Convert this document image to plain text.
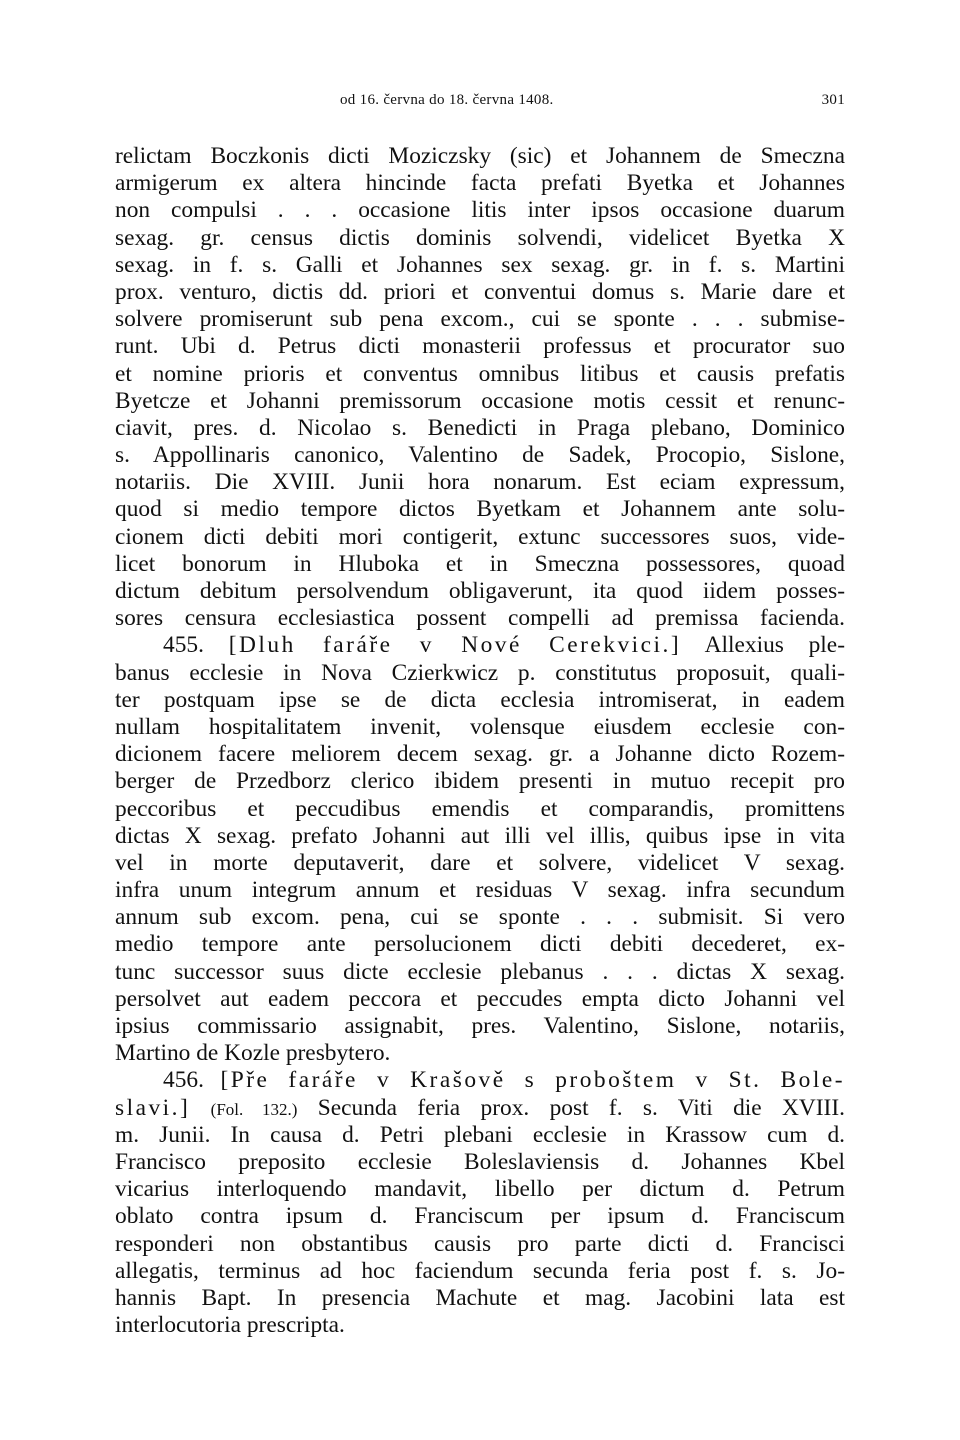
od 16. června do 18. června 1408.	301
relictam Boczkonis dicti Moziczsky (sic) et Johannem de Smeczna
armigerum ex altera hincinde facta prefati Byetka et Johannes
non compulsi . . . occasione litis inter ipsos occasione duarum
sexag. gr. census dictis dominis solvendi, videlicet Byetka X
sexag. in f. s. Galli et Johannes sex sexag. gr. in f. s. Martini
prox. venturo, dictis dd. priori et conventui domus s. Marie dare et
solvere promiserunt sub pena excom., cui se sponte . . . submise-
runt. Ubi d. Petrus dicti monasterii professus et procurator suo
et nomine prioris et conventus omnibus litibus et causis prefatis
Byetcze et Johanni premissorum occasione motis cessit et renunc-
ciavit, pres. d. Nicolao s. Benedicti in Praga plebano, Dominico
s. Appollinaris canonico, Valentino de Sadek, Procopio, Sislone,
notariis. Die XVIII. Junii hora nonarum. Est eciam expressum,
quod si medio tempore dictos Byetkam et Johannem ante solu-
cionem dicti debiti mori contigerit, extunc successores suos, vide-
licet bonorum in Hluboka et in Smeczna possessores, quoad
dictum debitum persolvendum obligaverunt, ita quod iidem posses-
sores censura ecclesiastica possent compelli ad premissa facienda.
455. [Dluh faráře v Nové Cerekvici.] Allexius ple-
banus ecclesie in Nova Czierkwicz p. constitutus proposuit, quali-
ter postquam ipse se de dicta ecclesia intromiserat, in eadem
nullam hospitalitatem invenit, volensque eiusdem ecclesie con-
dicionem facere meliorem decem sexag. gr. a Johanne dicto Rozem-
berger de Przedborz clerico ibidem presenti in mutuo recepit pro
peccoribus et peccudibus emendis et comparandis, promittens
dictas X sexag. prefato Johanni aut illi vel illis, quibus ipse in vita
vel in morte deputaverit, dare et solvere, videlicet V sexag.
infra unum integrum annum et residuas V sexag. infra secundum
annum sub excom. pena, cui se sponte . . . submisit. Si vero
medio tempore ante persolucionem dicti debiti decederet, ex-
tunc successor suus dicte ecclesie plebanus . . . dictas X sexag.
persolvet aut eadem peccora et peccudes empta dicto Johanni vel
ipsius commissario assignabit, pres. Valentino, Sislone, notariis,
Martino de Kozle presbytero.
456. [Pře faráře v Krašově s proboštem v St. Bole-
slavi.] (Fol. 132.) Secunda feria prox. post f. s. Viti die XVIII.
m. Junii. In causa d. Petri plebani ecclesie in Krassow cum d.
Francisco preposito ecclesie Boleslaviensis d. Johannes Kbel
vicarius interloquendo mandavit, libello per dictum d. Petrum
oblato contra ipsum d. Franciscum per ipsum d. Franciscum
responderi non obstantibus causis pro parte dicti d. Francisci
allegatis, terminus ad hoc faciendum secunda feria post f. s. Jo-
hannis Bapt. In presencia Machute et mag. Jacobini lata est
interlocutoria prescripta.
